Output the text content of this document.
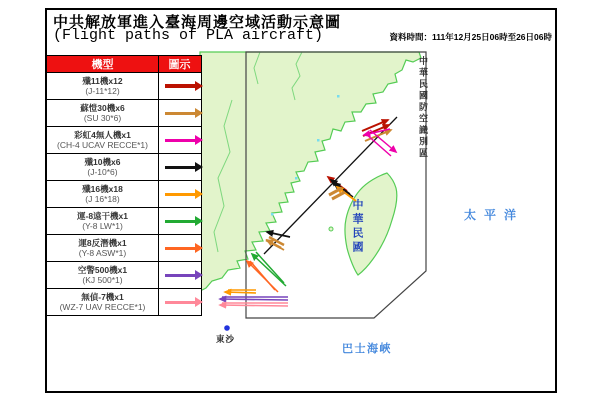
中共解放軍進入臺海周邊空域活動示意圖
(Flight paths of PLA aircraft)	資料時間：111年12月25日06時至26日06時
中華民國防空識別區
中華民國	太平洋
巴士海峽
東沙
機型	圖示
殲11機x12
(J-11*12)
蘇愷30機x6
(SU 30*6)
彩虹4無人機x1
(CH-4 UCAV RECCE*1)
殲10機x6
(J-10*6)
殲16機x18
(J 16*18)
運-8遠干機x1
(Y-8 LW*1)
運8反潛機x1
(Y-8 ASW*1)
空警500機x1
(KJ 500*1)
無偵-7機x1
(WZ-7 UAV RECCE*1)
